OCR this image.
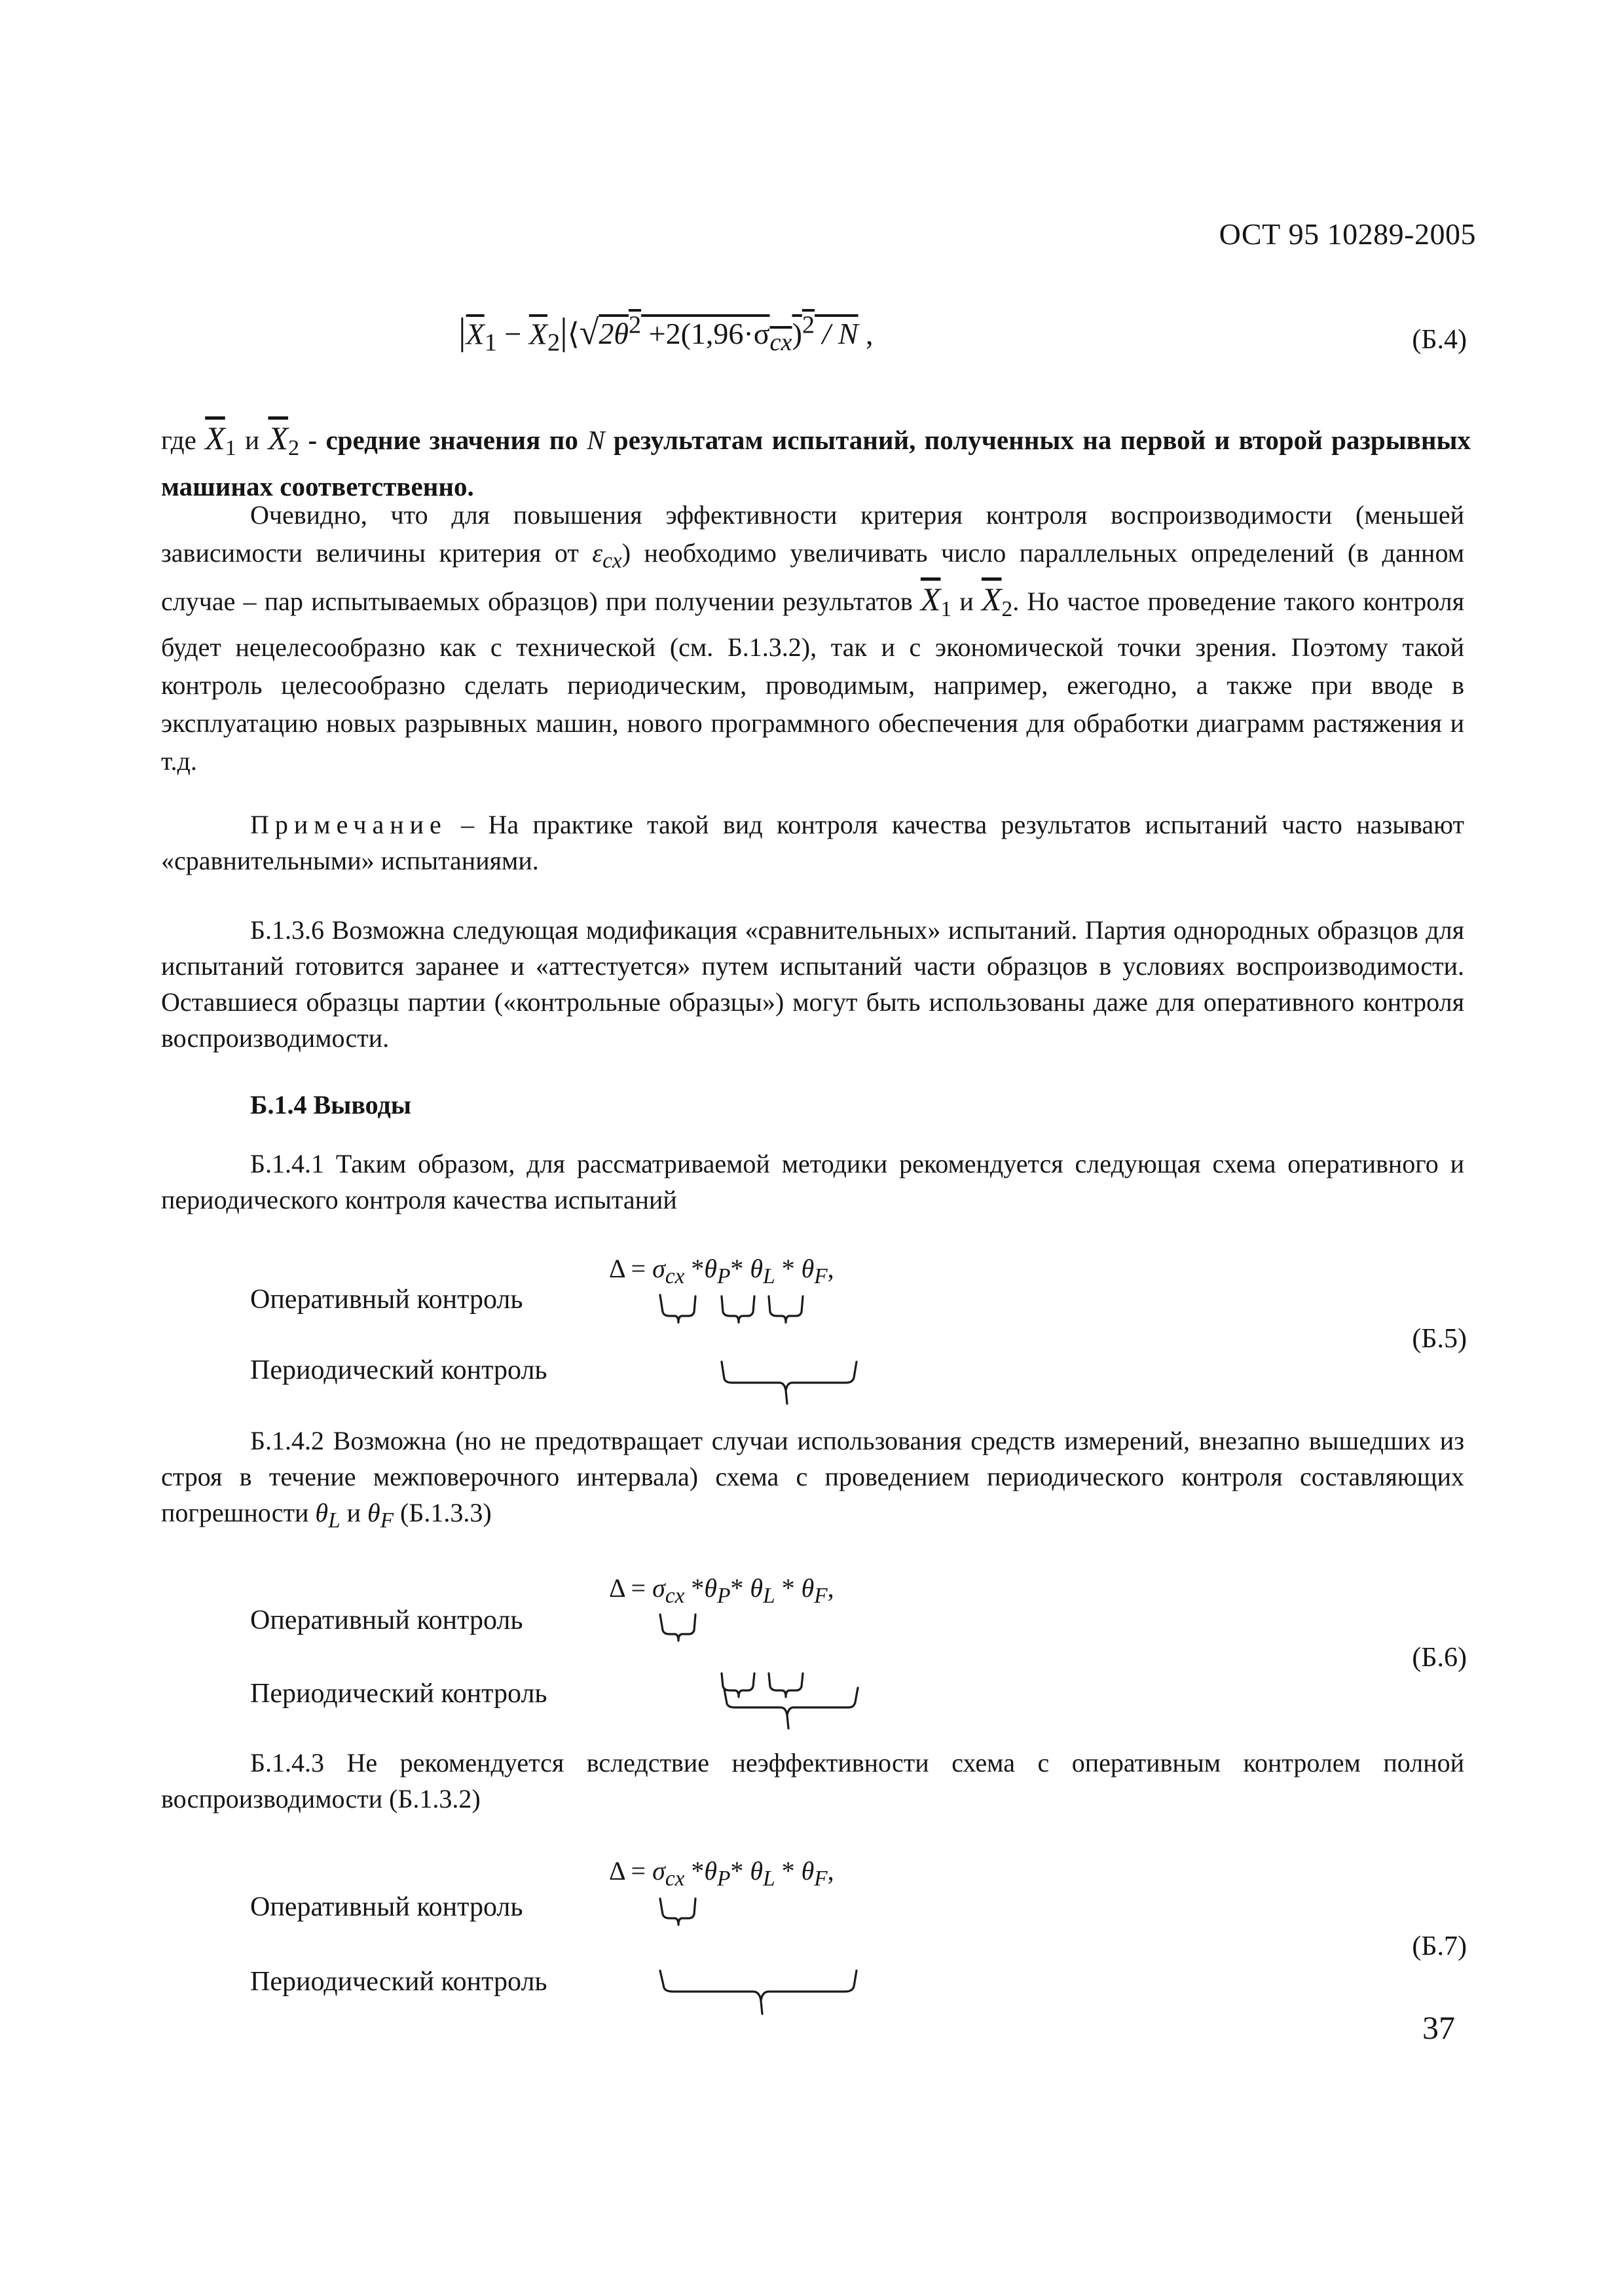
ОСТ 95 10289-2005
$|\overline{X}_1$ − $\overline{X}_2|⟨√2\theta^2 +2(1,96\cdot\sigma_{cx})^2 / N$ ,	(Б.4)
где $\overline{X}_1$ и $\overline{X}_2$ - средние значения по N результатам испытаний, полученных на первой и второй разрывных машинах соответственно.
Очевидно, что для повышения эффективности критерия контроля воспроизводимости (меньшей зависимости величины критерия от $\varepsilon_{cx}$) необходимо увеличивать число параллельных определений (в данном случае – пар испытываемых образцов) при получении результатов $\overline{X}_1$ и $\overline{X}_2$. Но частое проведение такого контроля будет нецелесообразно как с технической (см. Б.1.3.2), так и с экономической точки зрения. Поэтому такой контроль целесообразно сделать периодическим, проводимым, например, ежегодно, а также при вводе в эксплуатацию новых разрывных машин, нового программного обеспечения для обработки диаграмм растяжения и т.д.
Примечание – На практике такой вид контроля качества результатов испытаний часто называют «сравнительными» испытаниями.
Б.1.3.6 Возможна следующая модификация «сравнительных» испытаний. Партия однородных образцов для испытаний готовится заранее и «аттестуется» путем испытаний части образцов в условиях воспроизводимости. Оставшиеся образцы партии («контрольные образцы») могут быть использованы даже для оперативного контроля воспроизводимости.
Б.1.4 Выводы
Б.1.4.1 Таким образом, для рассматриваемой методики рекомендуется следующая схема оперативного и периодического контроля качества испытаний
$\Delta = \sigma_{cx}$ $*\theta_P*$ $\theta_L * \theta_F$,
Оперативный контроль
(Б.5)
Периодический контроль
Б.1.4.2 Возможна (но не предотвращает случаи использования средств измерений, внезапно вышедших из строя в течение межповерочного интервала) схема с проведением периодического контроля составляющих погрешности $\theta_L$ и $\theta_F$ (Б.1.3.3)
$\Delta = \sigma_{cx}$ $*\theta_P*$ $\theta_L * \theta_F$,
Оперативный контроль
(Б.6)
Периодический контроль
Б.1.4.3 Не рекомендуется вследствие неэффективности схема с оперативным контролем полной воспроизводимости (Б.1.3.2)
$\Delta = \sigma_{cx}$ $*\theta_P*$ $\theta_L * \theta_F$,
Оперативный контроль
(Б.7)
Периодический контроль
37
